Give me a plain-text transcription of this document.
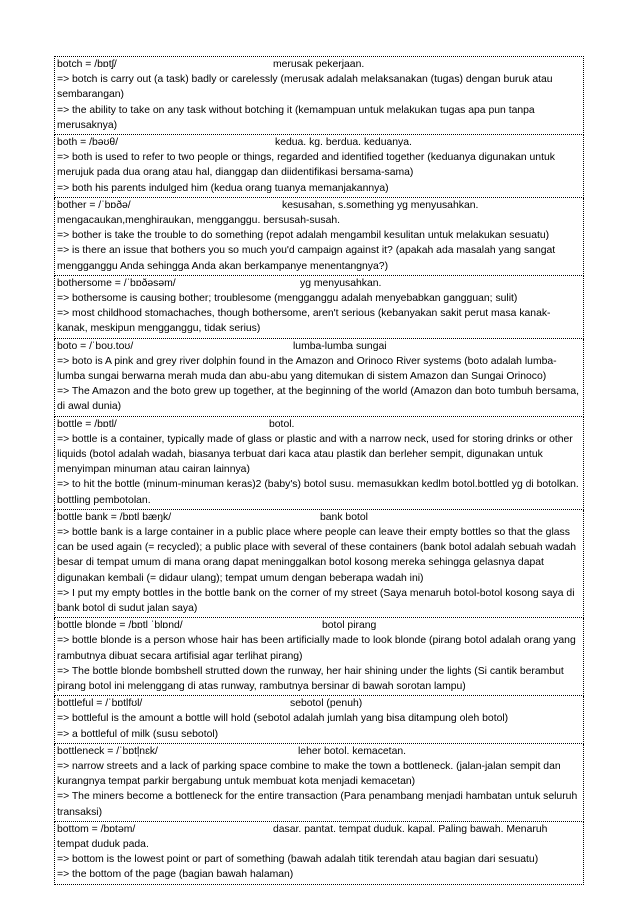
botch = /bɒtʃ/	merusak pekerjaan.
=> botch is carry out (a task) badly or carelessly (merusak adalah melaksanakan (tugas) dengan buruk atau sembarangan)
=> the ability to take on any task without botching it (kemampuan untuk melakukan tugas apa pun tanpa merusaknya)
both = /bəʊθ/	kedua. kg. berdua. keduanya.
=> both is used to refer to two people or things, regarded and identified together (keduanya digunakan untuk merujuk pada dua orang atau hal, dianggap dan diidentifikasi bersama-sama)
=> both his parents indulged him (kedua orang tuanya memanjakannya)
bother = /ˈbɒðə/	kesusahan, s.something yg menyusahkan.
mengacaukan,menghiraukan, mengganggu. bersusah-susah.
=> bother is take the trouble to do something (repot adalah mengambil kesulitan untuk melakukan sesuatu)
=> is there an issue that bothers you so much you'd campaign against it? (apakah ada masalah yang sangat mengganggu Anda sehingga Anda akan berkampanye menentangnya?)
bothersome = /ˈbɒðəsəm/	yg menyusahkan.
=> bothersome is causing bother; troublesome (mengganggu adalah menyebabkan gangguan; sulit)
=> most childhood stomachaches, though bothersome, aren't serious (kebanyakan sakit perut masa kanak-kanak, meskipun mengganggu, tidak serius)
boto = /ˈboʊ.toʊ/	lumba-lumba sungai
=> boto is A pink and grey river dolphin found in the Amazon and Orinoco River systems (boto adalah lumba-lumba sungai berwarna merah muda dan abu-abu yang ditemukan di sistem Amazon dan Sungai Orinoco)
=> The Amazon and the boto grew up together, at the beginning of the world (Amazon dan boto tumbuh bersama, di awal dunia)
bottle = /bɒtl/	botol.
=> bottle is a container, typically made of glass or plastic and with a narrow neck, used for storing drinks or other liquids (botol adalah wadah, biasanya terbuat dari kaca atau plastik dan berleher sempit, digunakan untuk menyimpan minuman atau cairan lainnya)
=> to hit the bottle (minum-minuman keras)2 (baby's) botol susu. memasukkan kedlm botol.bottled yg di botolkan. bottling pembotolan.
bottle bank = /bɒtl bæŋk/	bank botol
=> bottle bank is a large container in a public place where people can leave their empty bottles so that the glass can be used again (= recycled); a public place with several of these containers (bank botol adalah sebuah wadah besar di tempat umum di mana orang dapat meninggalkan botol kosong mereka sehingga gelasnya dapat digunakan kembali (= didaur ulang); tempat umum dengan beberapa wadah ini)
=> I put my empty bottles in the bottle bank on the corner of my street (Saya menaruh botol-botol kosong saya di bank botol di sudut jalan saya)
bottle blonde = /bɒtl ˈblɒnd/	botol pirang
=> bottle blonde is a person whose hair has been artificially made to look blonde (pirang botol adalah orang yang rambutnya dibuat secara artifisial agar terlihat pirang)
=> The bottle blonde bombshell strutted down the runway, her hair shining under the lights (Si cantik berambut pirang botol ini melenggang di atas runway, rambutnya bersinar di bawah sorotan lampu)
bottleful = /ˈbɒtlfʊl/	sebotol (penuh)
=> bottleful is the amount a bottle will hold (sebotol adalah jumlah yang bisa ditampung oleh botol)
=> a bottleful of milk (susu sebotol)
bottleneck = /ˈbɒtl̩nɛk/	leher botol. kemacetan.
=> narrow streets and a lack of parking space combine to make the town a bottleneck. (jalan-jalan sempit dan kurangnya tempat parkir bergabung untuk membuat kota menjadi kemacetan)
=> The miners become a bottleneck for the entire transaction (Para penambang menjadi hambatan untuk seluruh transaksi)
bottom = /bɒtəm/	dasar. pantat. tempat duduk. kapal. Paling bawah. Menaruh tempat duduk pada.
=> bottom is the lowest point or part of something (bawah adalah titik terendah atau bagian dari sesuatu)
=> the bottom of the page (bagian bawah halaman)
